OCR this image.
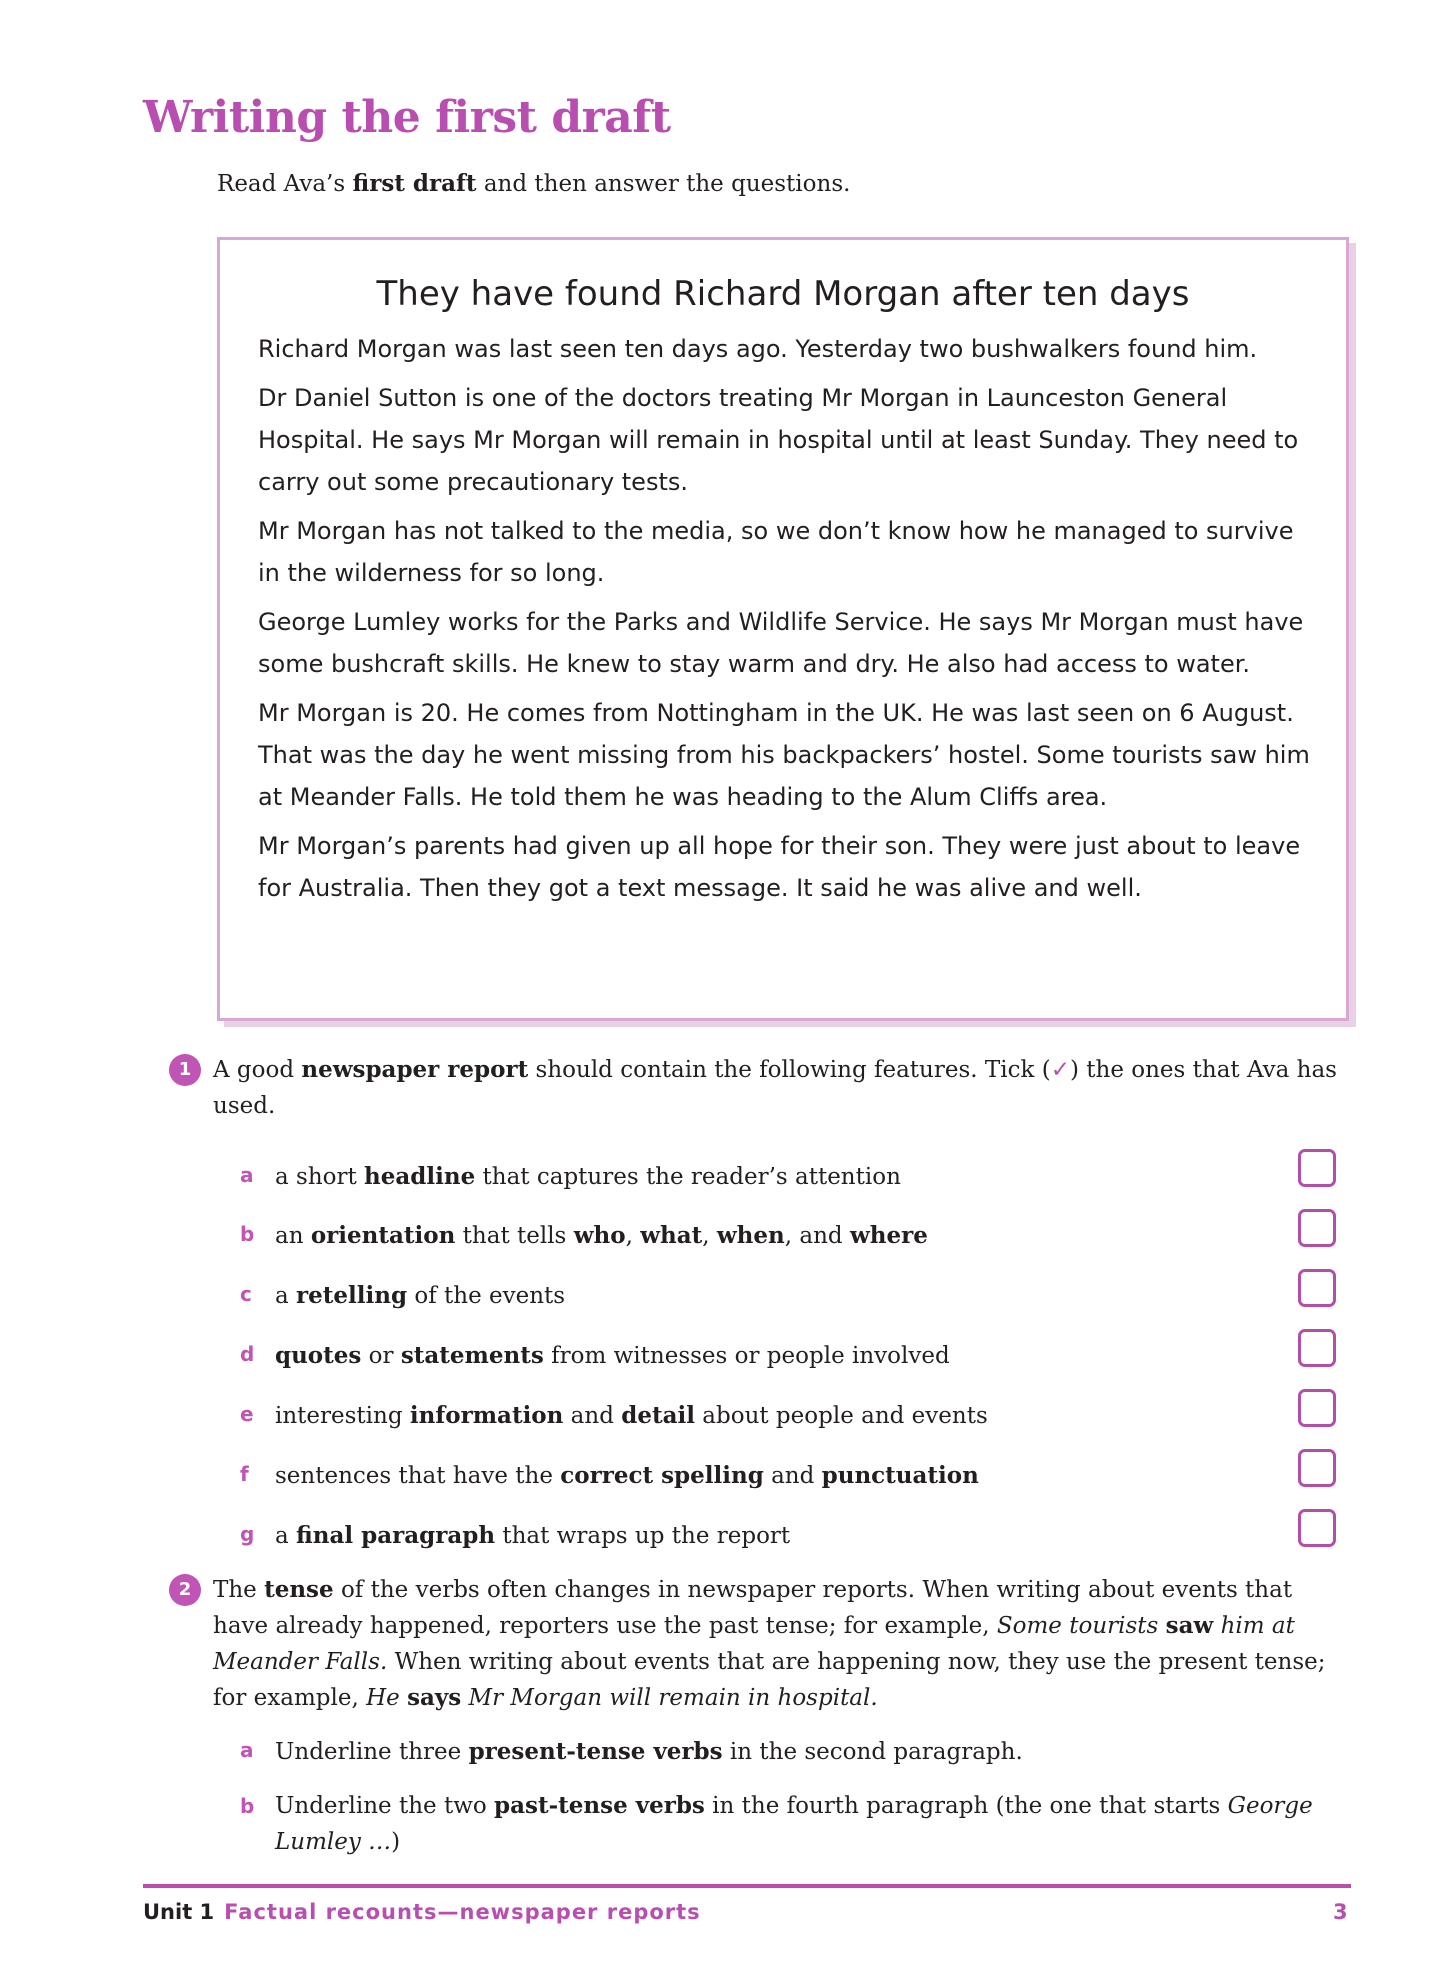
Writing the first draft
Read Ava’s first draft and then answer the questions.
They have found Richard Morgan after ten days

Richard Morgan was last seen ten days ago. Yesterday two bushwalkers found him.

Dr Daniel Sutton is one of the doctors treating Mr Morgan in Launceston General Hospital. He says Mr Morgan will remain in hospital until at least Sunday. They need to carry out some precautionary tests.

Mr Morgan has not talked to the media, so we don’t know how he managed to survive in the wilderness for so long.

George Lumley works for the Parks and Wildlife Service. He says Mr Morgan must have some bushcraft skills. He knew to stay warm and dry. He also had access to water.

Mr Morgan is 20. He comes from Nottingham in the UK. He was last seen on 6 August. That was the day he went missing from his backpackers’ hostel. Some tourists saw him at Meander Falls. He told them he was heading to the Alum Cliffs area.

Mr Morgan’s parents had given up all hope for their son. They were just about to leave for Australia. Then they got a text message. It said he was alive and well.

1 A good newspaper report should contain the following features. Tick (✓) the ones that Ava has used.
a a short headline that captures the reader’s attention
b an orientation that tells who, what, when, and where
c a retelling of the events
d quotes or statements from witnesses or people involved
e interesting information and detail about people and events
f sentences that have the correct spelling and punctuation
g a final paragraph that wraps up the report
2 The tense of the verbs often changes in newspaper reports. When writing about events that have already happened, reporters use the past tense; for example, Some tourists saw him at Meander Falls. When writing about events that are happening now, they use the present tense; for example, He says Mr Morgan will remain in hospital.
a Underline three present-tense verbs in the second paragraph.
b Underline the two past-tense verbs in the fourth paragraph (the one that starts George Lumley …)
Unit 1 Factual recounts—newspaper reports	3
